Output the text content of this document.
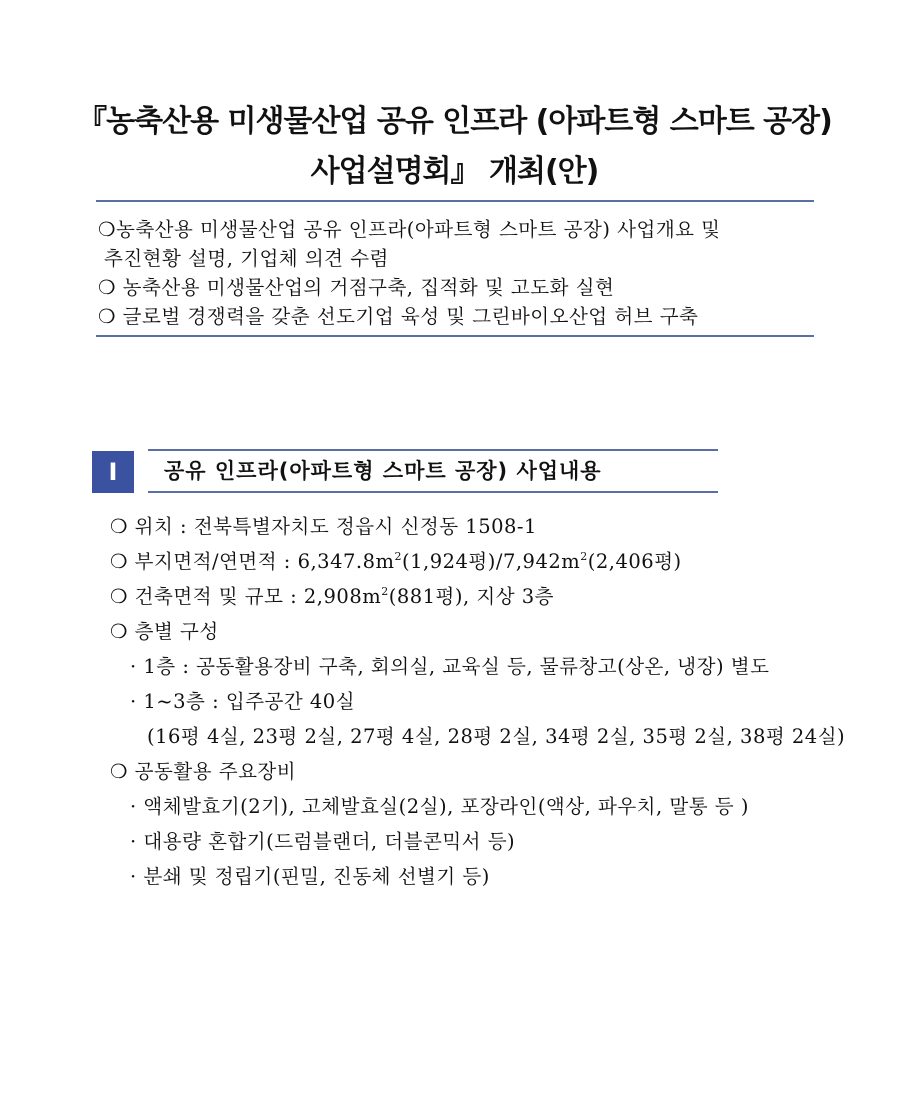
『농축산용 미생물산업 공유 인프라 (아파트형 스마트 공장)
사업설명회』 개최(안)
❍농축산용 미생물산업 공유 인프라(아파트형 스마트 공장) 사업개요 및
추진현황 설명, 기업체 의견 수렴
❍ 농축산용 미생물산업의 거점구축, 집적화 및 고도화 실현
❍ 글로벌 경쟁력을 갖춘 선도기업 육성 및 그린바이오산업 허브 구축
Ⅰ	공유 인프라(아파트형 스마트 공장) 사업내용
❍ 위치 : 전북특별자치도 정읍시 신정동 1508-1
❍ 부지면적/연면적 : $6,347.8m^2(1,924$평)$/7,942m^2(2,406$평)
❍ 건축면적 및 규모 : $2,908m^2(881$평), 지상 3층
❍ 층별 구성
· 1층 : 공동활용장비 구축, 회의실, 교육실 등, 물류창고(상온, 냉장) 별도
· 1~3층 : 입주공간 40실
(16평 4실, 23평 2실, 27평 4실, 28평 2실, 34평 2실, 35평 2실, 38평 24실)
❍ 공동활용 주요장비
· 액체발효기(2기), 고체발효실(2실), 포장라인(액상, 파우치, 말통 등 )
· 대용량 혼합기(드럼블랜더, 더블콘믹서 등)
· 분쇄 및 정립기(핀밀, 진동체 선별기 등)
